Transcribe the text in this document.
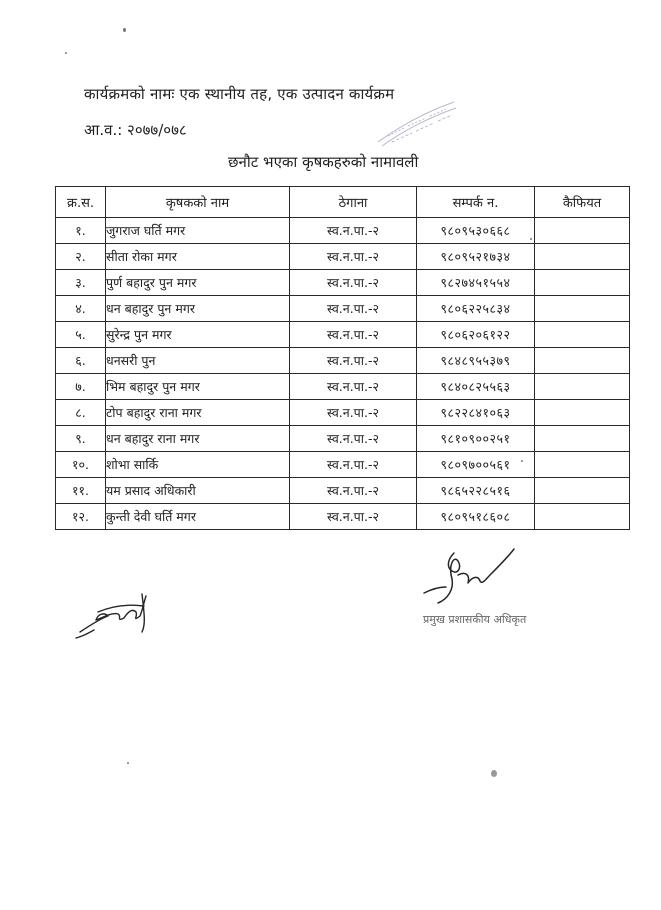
कार्यक्रमको नामः एक स्थानीय तह, एक उत्पादन कार्यक्रम
आ.व.: २०७७/०७८
छनौट भएका कृषकहरुको नामावली
क्र.स.	कृषकको नाम	ठेगाना	सम्पर्क न.	कैफियत
१.	जुगराज घर्ति मगर	स्व.न.पा.-२	९८०९५३०६६८	
२.	सीता रोका मगर	स्व.न.पा.-२	९८०९५२१७३४	
३.	पुर्ण बहादुर पुन मगर	स्व.न.पा.-२	९८२७४५१५५४	
४.	धन बहादुर पुन मगर	स्व.न.पा.-२	९८०६२२५८३४	
५.	सुरेन्द्र पुन मगर	स्व.न.पा.-२	९८०६२०६१२२	
६.	धनसरी पुन	स्व.न.पा.-२	९८४८९५५३७९	
७.	भिम बहादुर पुन मगर	स्व.न.पा.-२	९८४०८२५५६३	
८.	टोप बहादुर राना मगर	स्व.न.पा.-२	९८२२८४१०६३	
९.	धन बहादुर राना मगर	स्व.न.पा.-२	९८१०९००२५१	
१०.	शोभा सार्कि	स्व.न.पा.-२	९८०९७००५६१	
११.	यम प्रसाद अधिकारी	स्व.न.पा.-२	९८६५२२८५१६	
१२.	कुन्ती देवी घर्ति मगर	स्व.न.पा.-२	९८०९५१८६०८	
प्रमुख प्रशासकीय अधिकृत
